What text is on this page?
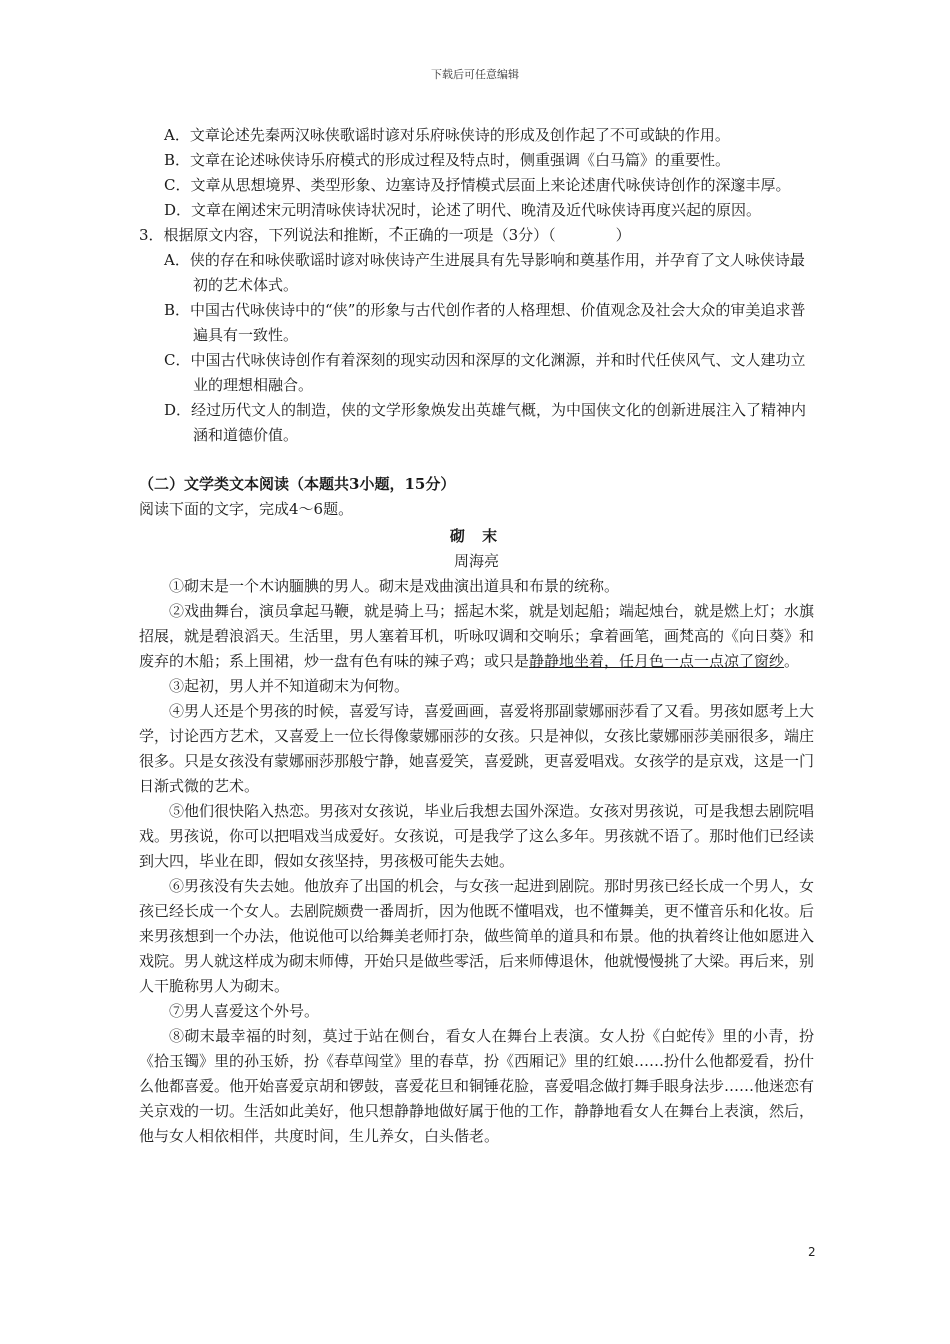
下载后可任意编辑
A．文章论述先秦两汉咏侠歌谣时谚对乐府咏侠诗的形成及创作起了不可或缺的作用。
B．文章在论述咏侠诗乐府模式的形成过程及特点时，侧重强调《白马篇》的重要性。
C．文章从思想境界、类型形象、边塞诗及抒情模式层面上来论述唐代咏侠诗创作的深邃丰厚。
D．文章在阐述宋元明清咏侠诗状况时，论述了明代、晚清及近代咏侠诗再度兴起的原因。
3．根据原文内容，下列说法和推断，不正确的一项是（3分）（　　　　）
A．侠的存在和咏侠歌谣时谚对咏侠诗产生进展具有先导影响和奠基作用，并孕育了文人咏侠诗最初的艺术体式。
B．中国古代咏侠诗中的“侠”的形象与古代创作者的人格理想、价值观念及社会大众的审美追求普遍具有一致性。
C．中国古代咏侠诗创作有着深刻的现实动因和深厚的文化渊源，并和时代任侠风气、文人建功立业的理想相融合。
D．经过历代文人的制造，侠的文学形象焕发出英雄气概，为中国侠文化的创新进展注入了精神内涵和道德价值。
（二）文学类文本阅读（本题共3小题，15分）
阅读下面的文字，完成4～6题。
砌 末
周海亮
①砌末是一个木讷腼腆的男人。砌末是戏曲演出道具和布景的统称。
②戏曲舞台，演员拿起马鞭，就是骑上马；摇起木桨，就是划起船；端起烛台，就是燃上灯；水旗招展，就是碧浪滔天。生活里，男人塞着耳机，听咏叹调和交响乐；拿着画笔，画梵高的《向日葵》和废弃的木船；系上围裙，炒一盘有色有味的辣子鸡；或只是静静地坐着，任月色一点一点凉了窗纱。
③起初，男人并不知道砌末为何物。
④男人还是个男孩的时候，喜爱写诗，喜爱画画，喜爱将那副蒙娜丽莎看了又看。男孩如愿考上大学，讨论西方艺术，又喜爱上一位长得像蒙娜丽莎的女孩。只是神似，女孩比蒙娜丽莎美丽很多，端庄很多。只是女孩没有蒙娜丽莎那般宁静，她喜爱笑，喜爱跳，更喜爱唱戏。女孩学的是京戏，这是一门日渐式微的艺术。
⑤他们很快陷入热恋。男孩对女孩说，毕业后我想去国外深造。女孩对男孩说，可是我想去剧院唱戏。男孩说，你可以把唱戏当成爱好。女孩说，可是我学了这么多年。男孩就不语了。那时他们已经读到大四，毕业在即，假如女孩坚持，男孩极可能失去她。
⑥男孩没有失去她。他放弃了出国的机会，与女孩一起进到剧院。那时男孩已经长成一个男人，女孩已经长成一个女人。去剧院颇费一番周折，因为他既不懂唱戏，也不懂舞美，更不懂音乐和化妆。后来男孩想到一个办法，他说他可以给舞美老师打杂，做些简单的道具和布景。他的执着终让他如愿进入戏院。男人就这样成为砌末师傅，开始只是做些零活，后来师傅退休，他就慢慢挑了大梁。再后来，别人干脆称男人为砌末。
⑦男人喜爱这个外号。
⑧砌末最幸福的时刻，莫过于站在侧台，看女人在舞台上表演。女人扮《白蛇传》里的小青，扮《拾玉镯》里的孙玉娇，扮《春草闯堂》里的春草，扮《西厢记》里的红娘……扮什么他都爱看，扮什么他都喜爱。他开始喜爱京胡和锣鼓，喜爱花旦和铜锤花脸，喜爱唱念做打舞手眼身法步……他迷恋有关京戏的一切。生活如此美好，他只想静静地做好属于他的工作，静静地看女人在舞台上表演，然后，他与女人相依相伴，共度时间，生儿养女，白头偕老。
2
